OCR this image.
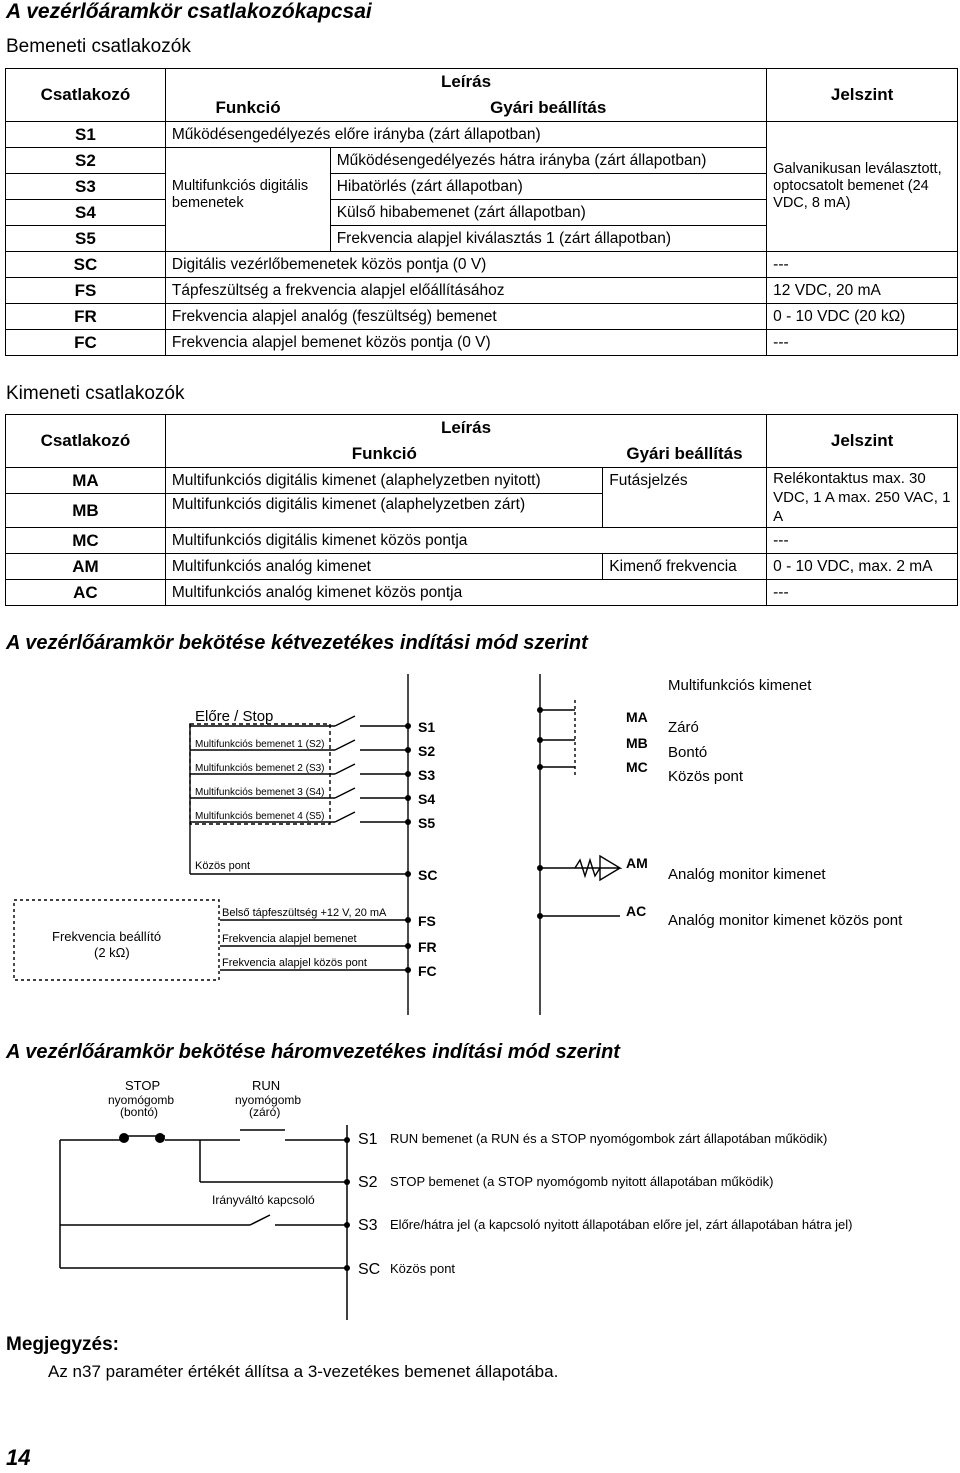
A vezérlőáramkör csatlakozókapcsai
Bemeneti csatlakozók
Csatlakozó	Leírás		Jelszint
	Funkció	Gyári beállítás	
S1	Működésengedélyezés előre irányba (zárt állapotban)		Galvanikusan leválasztott, optocsatolt bemenet (24 VDC, 8 mA)
S2	Multifunkciós digitális bemenetek	Működésengedélyezés hátra irányba (zárt állapotban)	
S3		Hibatörlés (zárt állapotban)	
S4		Külső hibabemenet (zárt állapotban)	
S5		Frekvencia alapjel kiválasztás 1 (zárt állapotban)	
SC	Digitális vezérlőbemenetek közös pontja (0 V)		---
FS	Tápfeszültség a frekvencia alapjel előállításához		12 VDC, 20 mA
FR	Frekvencia alapjel analóg (feszültség) bemenet		0 - 10 VDC (20 kΩ)
FC	Frekvencia alapjel bemenet közös pontja (0 V)		---
Kimeneti csatlakozók
Csatlakozó	Leírás		Jelszint
	Funkció	Gyári beállítás	
MA	Multifunkciós digitális kimenet (alaphelyzetben nyitott)	Futásjelzés	Relékontaktus max. 30 VDC, 1 A max. 250 VAC, 1 A
MB	Multifunkciós digitális kimenet (alaphelyzetben zárt)		
MC	Multifunkciós digitális kimenet közös pontja		---
AM	Multifunkciós analóg kimenet	Kimenő frekvencia	0 - 10 VDC, max. 2 mA
AC	Multifunkciós analóg kimenet közös pontja		---
A vezérlőáramkör bekötése kétvezetékes indítási mód szerint
Előre / Stop
Multifunkciós bemenet 1 (S2)
Multifunkciós bemenet 2 (S3)
Multifunkciós bemenet 3 (S4)
Multifunkciós bemenet 4 (S5)
S1
S2
S3
S4
S5
Közös pont
SC
Belső tápfeszültség +12 V, 20 mA
Frekvencia alapjel bemenet
Frekvencia alapjel közös pont
Frekvencia beállító
(2 kΩ)
FS
FR
FC
Multifunkciós kimenet
MA
MB
MC
Záró
Bontó
Közös pont
AM
AC
Analóg monitor kimenet
Analóg monitor kimenet közös pont
A vezérlőáramkör bekötése háromvezetékes indítási mód szerint
STOP
nyomógomb
(bontó)
RUN
nyomógomb
(záró)
Irányváltó kapcsoló
S1 RUN bemenet (a RUN és a STOP nyomógombok zárt állapotában működik)
S2 STOP bemenet (a STOP nyomógomb nyitott állapotában működik)
S3 Előre/hátra jel (a kapcsoló nyitott állapotában előre jel, zárt állapotában hátra jel)
SC Közös pont
Megjegyzés:
Az n37 paraméter értékét állítsa a 3-vezetékes bemenet állapotába.
14
